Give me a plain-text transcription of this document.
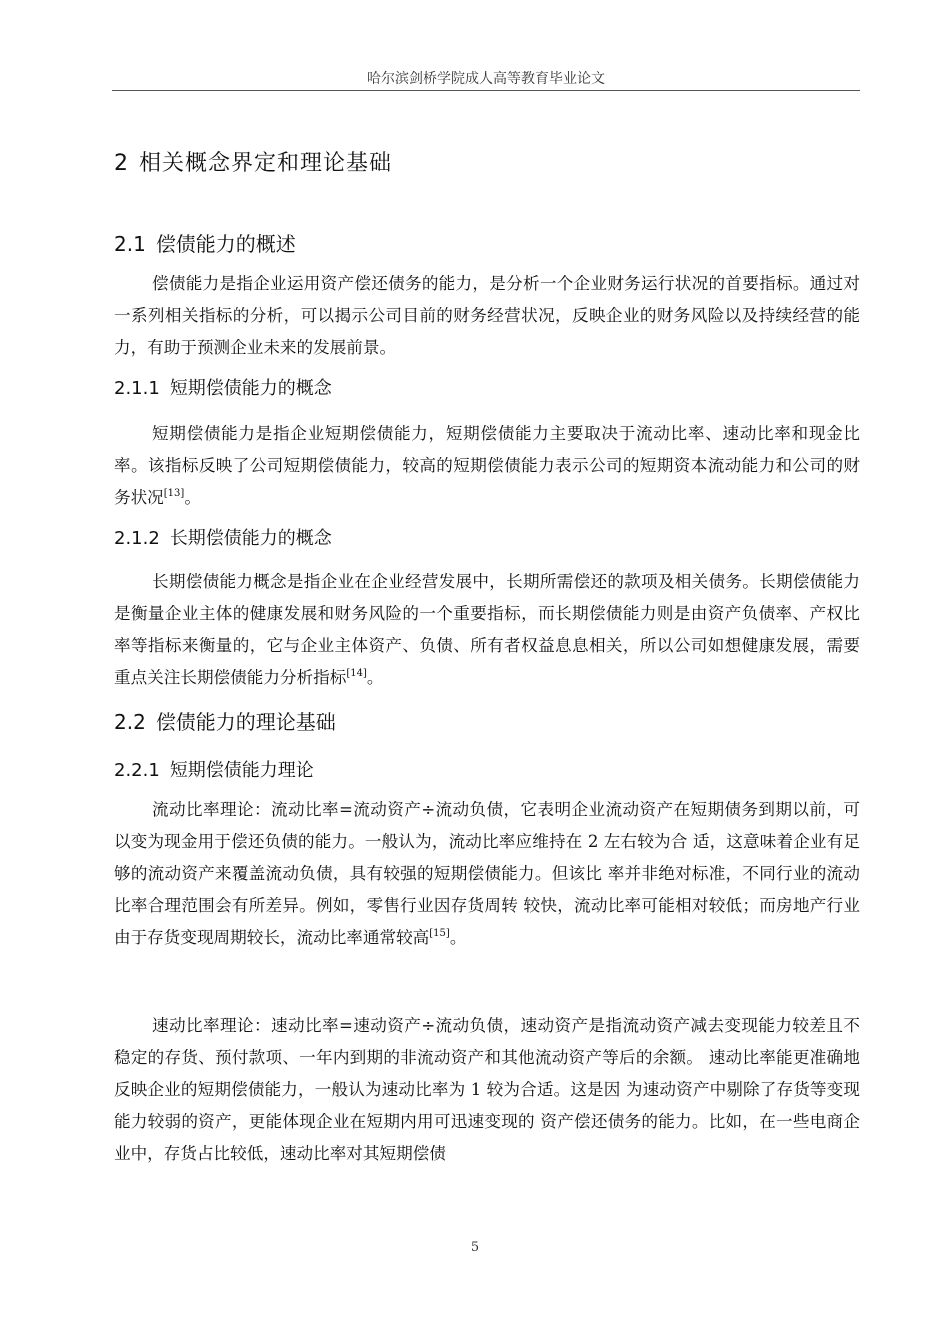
哈尔滨剑桥学院成人高等教育毕业论文
2 相关概念界定和理论基础
2.1 偿债能力的概述

偿债能力是指企业运用资产偿还债务的能力，是分析一个企业财务运行状况的首要指标。通过对一系列相关指标的分析，可以揭示公司目前的财务经营状况，反映企业的财务风险以及持续经营的能力，有助于预测企业未来的发展前景。

2.1.1 短期偿债能力的概念

短期偿债能力是指企业短期偿债能力，短期偿债能力主要取决于流动比率、速动比率和现金比率。该指标反映了公司短期偿债能力，较高的短期偿债能力表示公司的短期资本流动能力和公司的财务状况[13]。

2.1.2 长期偿债能力的概念

长期偿债能力概念是指企业在企业经营发展中，长期所需偿还的款项及相关债务。长期偿债能力是衡量企业主体的健康发展和财务风险的一个重要指标，而长期偿债能力则是由资产负债率、产权比率等指标来衡量的，它与企业主体资产、负债、所有者权益息息相关，所以公司如想健康发展，需要重点关注长期偿债能力分析指标[14]。

2.2 偿债能力的理论基础
2.2.1 短期偿债能力理论

流动比率理论：流动比率=流动资产÷流动负债，它表明企业流动资产在短期债务到期以前，可以变为现金用于偿还负债的能力。一般认为，流动比率应维持在 2 左右较为合 适，这意味着企业有足够的流动资产来覆盖流动负债，具有较强的短期偿债能力。但该比 率并非绝对标准，不同行业的流动比率合理范围会有所差异。例如，零售行业因存货周转 较快，流动比率可能相对较低；而房地产行业由于存货变现周期较长，流动比率通常较高[15]。

速动比率理论：速动比率=速动资产÷流动负债，速动资产是指流动资产减去变现能力较差且不稳定的存货、预付款项、一年内到期的非流动资产和其他流动资产等后的余额。 速动比率能更准确地反映企业的短期偿债能力，一般认为速动比率为 1 较为合适。这是因 为速动资产中剔除了存货等变现能力较弱的资产，更能体现企业在短期内用可迅速变现的 资产偿还债务的能力。比如，在一些电商企业中，存货占比较低，速动比率对其短期偿债

5
